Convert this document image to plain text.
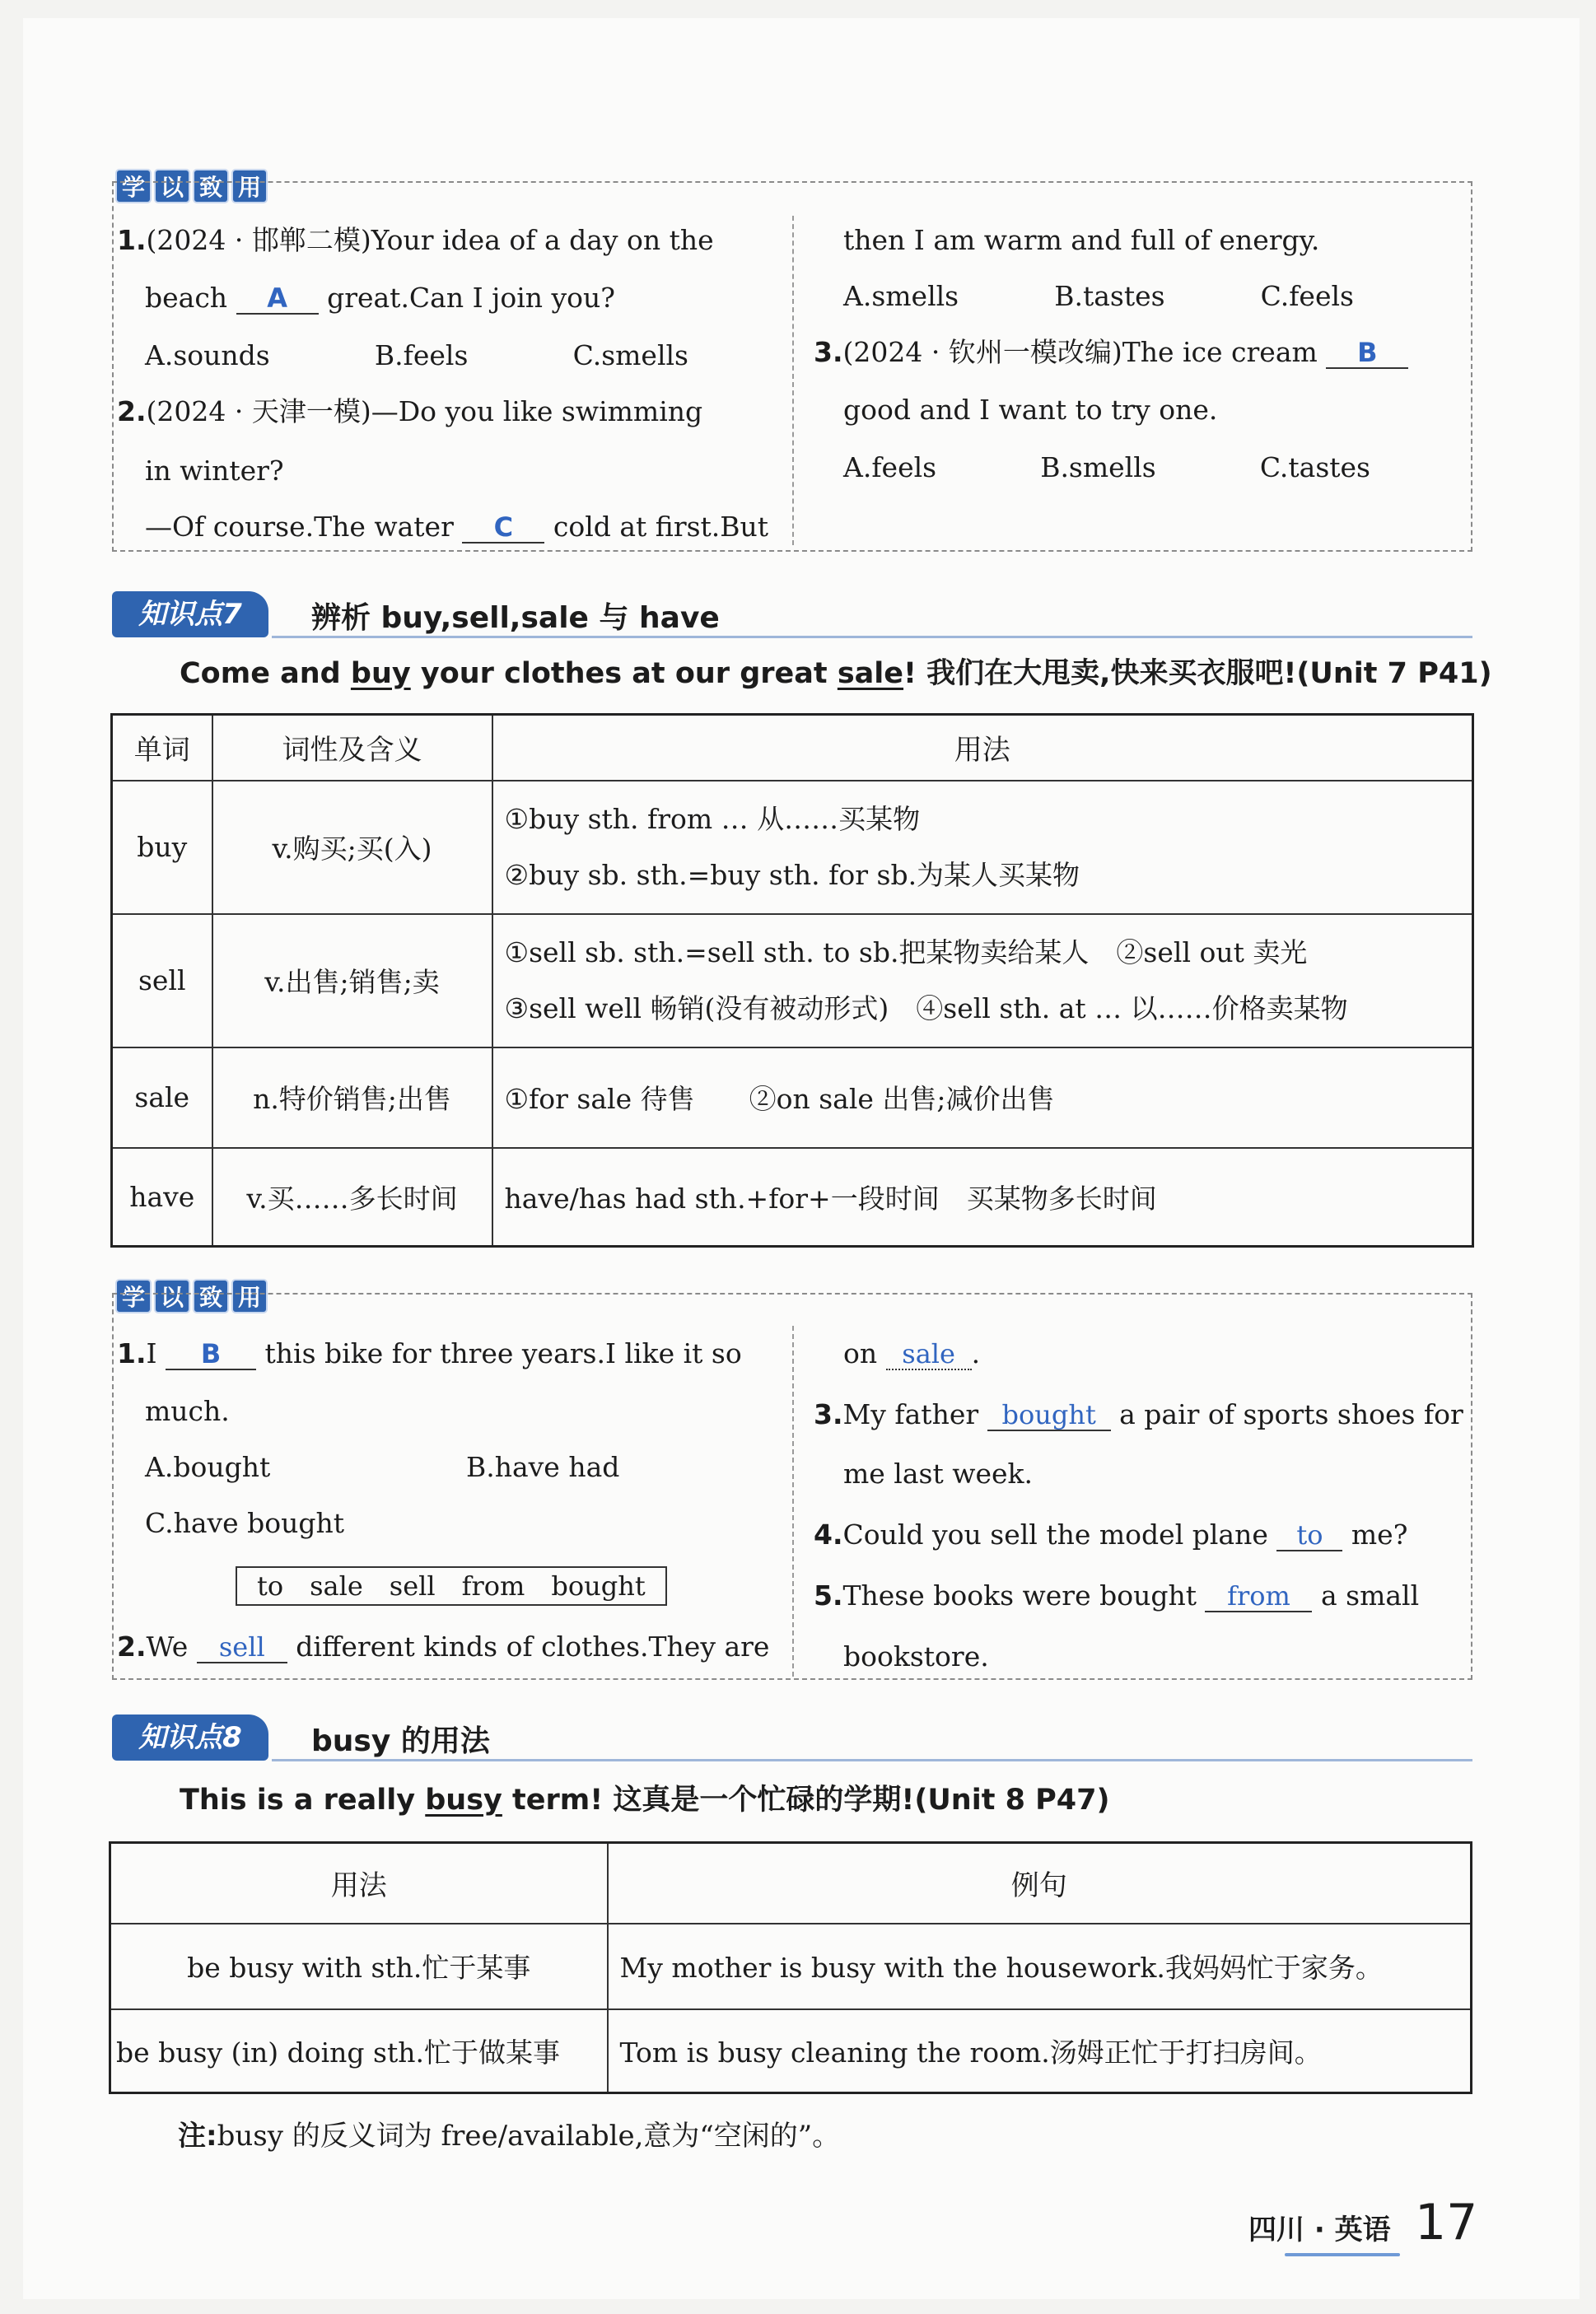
学 以 致 用
1.(2024 · 邯郸二模)Your idea of a day on the
beach A great.Can I join you?
A.sounds	B.feels	C.smells
2.(2024 · 天津一模)—Do you like swimming
in winter?
—Of course.The water C cold at first.But
then I am warm and full of energy.
A.smells	B.tastes	C.feels
3.(2024 · 钦州一模改编)The ice cream B
good and I want to try one.
A.feels	B.smells	C.tastes
知识点7	辨析 buy,sell,sale 与 have
Come and buy your clothes at our great sale! 我们在大甩卖,快来买衣服吧!(Unit 7 P41)
单词	词性及含义	用法
buy	v.购买;买(入)	①buy sth. from … 从……买某物
②buy sb. sth.=buy sth. for sb.为某人买某物

sell	v.出售;销售;卖	①sell sb. sth.=sell sth. to sb.把某物卖给某人　②sell out 卖光
③sell well 畅销(没有被动形式)　④sell sth. at … 以……价格卖某物

sale	n.特价销售;出售	①for sale 待售　　②on sale 出售;减价出售
have	v.买……多长时间	have/has had sth.+for+一段时间　买某物多长时间
学 以 致 用
1.I B this bike for three years.I like it so
much.
A.bought	B.have had
C.have bought
to sale sell from bought
2.We sell different kinds of clothes.They are
on sale .
3.My father bought a pair of sports shoes for
me last week.
4.Could you sell the model plane to me?
5.These books were bought from a small
bookstore.
知识点8	busy 的用法
This is a really busy term! 这真是一个忙碌的学期!(Unit 8 P47)
用法	例句
be busy with sth.忙于某事	My mother is busy with the housework.我妈妈忙于家务。
be busy (in) doing sth.忙于做某事	Tom is busy cleaning the room.汤姆正忙于打扫房间。
注:busy 的反义词为 free/available,意为“空闲的”。
四川 · 英语 17
